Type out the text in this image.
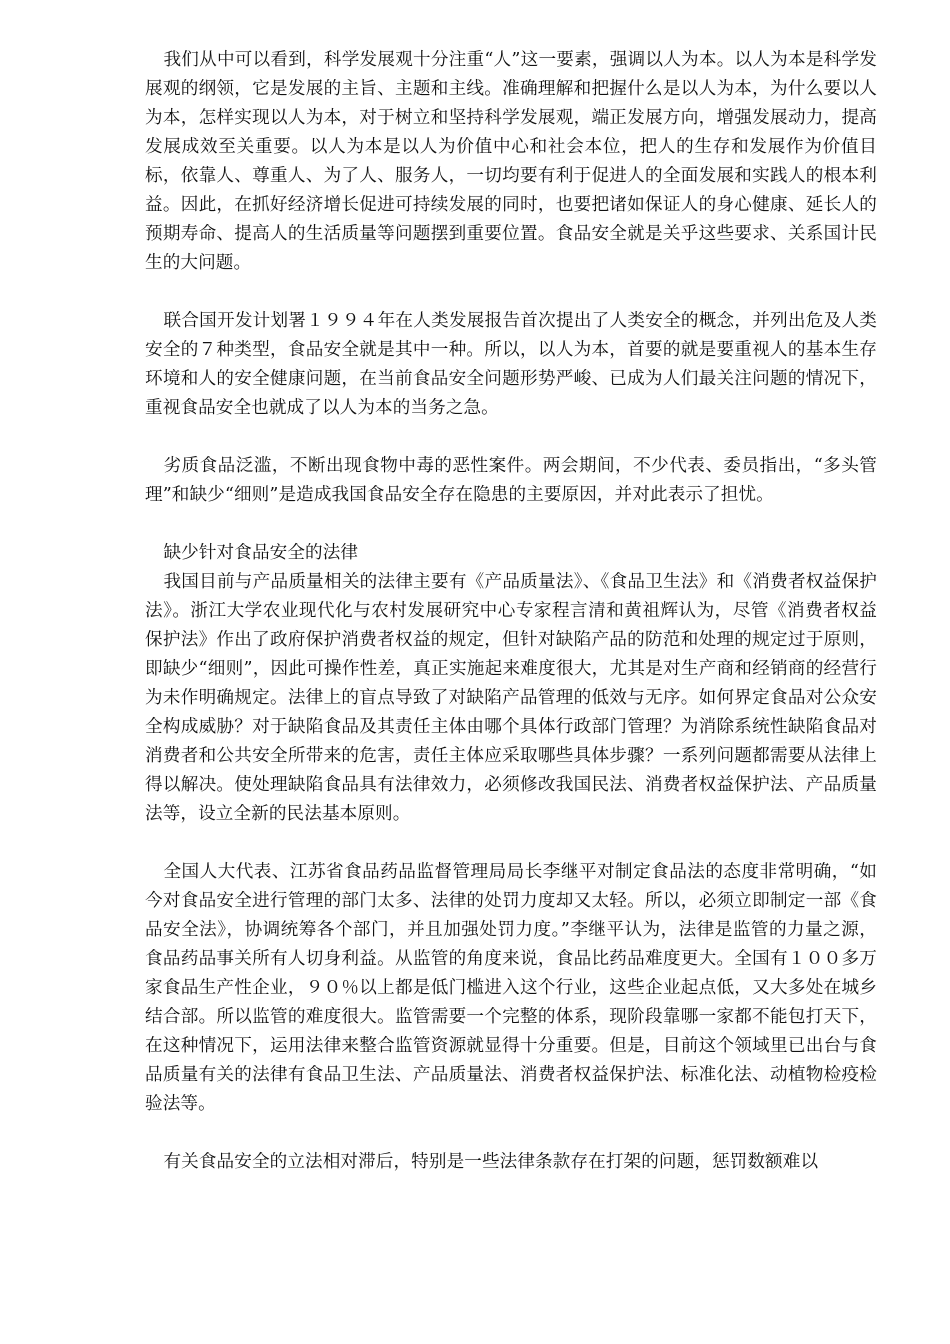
我们从中可以看到，科学发展观十分注重“人”这一要素，强调以人为本。以人为本是科学发展观的纲领，它是发展的主旨、主题和主线。准确理解和把握什么是以人为本，为什么要以人为本，怎样实现以人为本，对于树立和坚持科学发展观，端正发展方向，增强发展动力，提高发展成效至关重要。以人为本是以人为价值中心和社会本位，把人的生存和发展作为价值目标，依靠人、尊重人、为了人、服务人，一切均要有利于促进人的全面发展和实践人的根本利益。因此，在抓好经济增长促进可持续发展的同时，也要把诸如保证人的身心健康、延长人的预期寿命、提高人的生活质量等问题摆到重要位置。食品安全就是关乎这些要求、关系国计民生的大问题。

联合国开发计划署１９９４年在人类发展报告首次提出了人类安全的概念，并列出危及人类安全的７种类型，食品安全就是其中一种。所以，以人为本，首要的就是要重视人的基本生存环境和人的安全健康问题，在当前食品安全问题形势严峻、已成为人们最关注问题的情况下，重视食品安全也就成了以人为本的当务之急。

劣质食品泛滥，不断出现食物中毒的恶性案件。两会期间，不少代表、委员指出，“多头管理”和缺少“细则”是造成我国食品安全存在隐患的主要原因，并对此表示了担忧。

缺少针对食品安全的法律

我国目前与产品质量相关的法律主要有《产品质量法》、《食品卫生法》和《消费者权益保护法》。浙江大学农业现代化与农村发展研究中心专家程言清和黄祖辉认为，尽管《消费者权益保护法》作出了政府保护消费者权益的规定，但针对缺陷产品的防范和处理的规定过于原则，即缺少“细则”，因此可操作性差，真正实施起来难度很大，尤其是对生产商和经销商的经营行为未作明确规定。法律上的盲点导致了对缺陷产品管理的低效与无序。如何界定食品对公众安全构成威胁？对于缺陷食品及其责任主体由哪个具体行政部门管理？为消除系统性缺陷食品对消费者和公共安全所带来的危害，责任主体应采取哪些具体步骤？一系列问题都需要从法律上得以解决。使处理缺陷食品具有法律效力，必须修改我国民法、消费者权益保护法、产品质量法等，设立全新的民法基本原则。

全国人大代表、江苏省食品药品监督管理局局长李继平对制定食品法的态度非常明确，“如今对食品安全进行管理的部门太多、法律的处罚力度却又太轻。所以，必须立即制定一部《食品安全法》，协调统筹各个部门，并且加强处罚力度。”李继平认为，法律是监管的力量之源，食品药品事关所有人切身利益。从监管的角度来说，食品比药品难度更大。全国有１００多万家食品生产性企业，９０％以上都是低门槛进入这个行业，这些企业起点低，又大多处在城乡结合部。所以监管的难度很大。监管需要一个完整的体系，现阶段靠哪一家都不能包打天下，在这种情况下，运用法律来整合监管资源就显得十分重要。但是，目前这个领域里已出台与食品质量有关的法律有食品卫生法、产品质量法、消费者权益保护法、标准化法、动植物检疫检验法等。

有关食品安全的立法相对滞后，特别是一些法律条款存在打架的问题，惩罚数额难以
